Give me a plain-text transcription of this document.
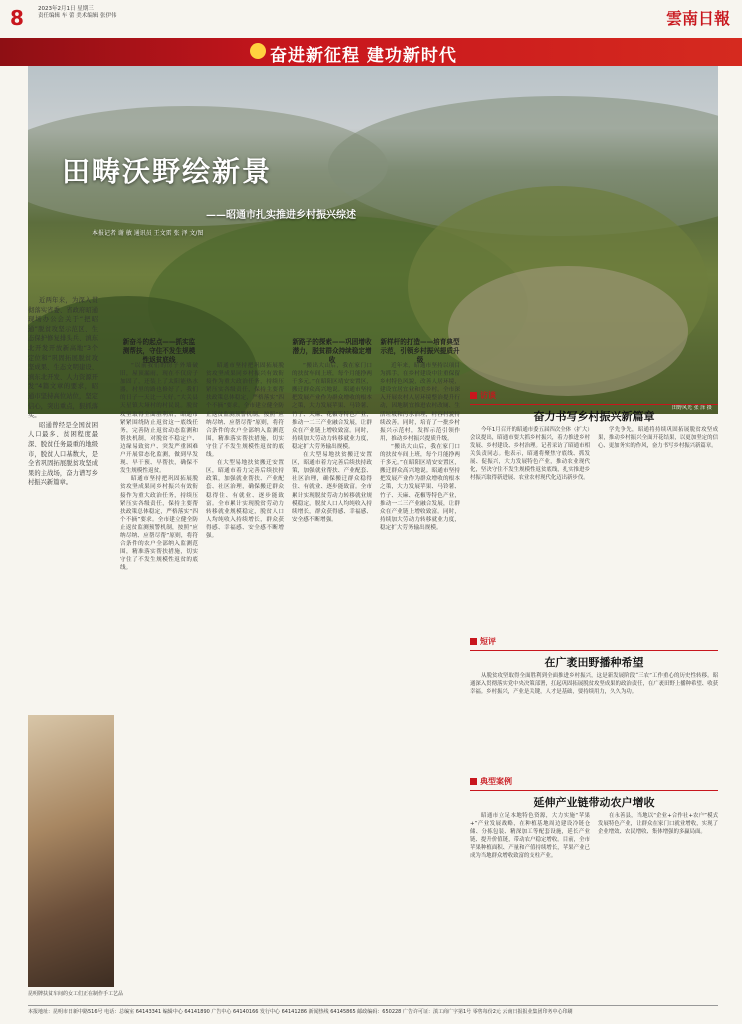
8	2023年2月1日 星期三
责任编辑 车 蕾 美术编辑 张伊伟	雲南日報
奋进新征程 建功新时代
田畴沃野绘新景
——昭通市扎实推进乡村振兴综述
本报记者 谢 敏 通讯员 王文雷 张 泽 文/图
田野风光 张 泽 摄

近两年来，为深入贯彻落实省委、省政府昭通现场办公会关于“把昭通”脱贫攻坚示范区、生态保护修复排头兵、滇东北开发开放新高地“3个定位和“巩固拓展脱贫攻坚成果、生态文明建设、滇东北开发、人力资源开发”4篇文章的要求，昭通市坚持高位站位，坚定信心，突出重点，狠抓落实。

昭通曾经是全国贫困人口最多、贫困程度最深、脱贫任务最重的地级市，脱贫人口基数大，是全省巩固拓展脱贫攻坚成果的主战场，奋力谱写乡村振兴新篇章。

昆明牌扶贫车间的女工们正在制作手工艺品
新奋斗的起点——抓实监测帮扶，守住不发生规模性返贫底线
新路子的探索——巩固增收潜力，脱贫群众持续稳定增收
新样杆的打造——培育典型示范，引领乡村振兴提质升级

“以前我们的房子外墙破旧，屋顶漏雨，现在不仅房子加固了，还装上了太阳能热水器，村里的路也修好了，我们的日子一天比一天好。”大关县天星镇大垭村的村民说。脱贫攻坚取得全面胜利后，昭通市紧紧围绕防止返贫这一底线任务，完善防止返贫动态监测和帮扶机制，对脱贫不稳定户、边缘易致贫户、突发严重困难户开展常态化监测，做到早发现、早干预、早帮扶，确保不发生规模性返贫。

昭通市坚持把巩固拓展脱贫攻坚成果同乡村振兴有效衔接作为重大政治任务，持续压紧压实各级责任，保持主要帮扶政策总体稳定，严格落实“四个不摘”要求。全市建立健全防止返贫监测预警机制，按照“应纳尽纳、应帮尽帮”原则，将符合条件的农户全部纳入监测范围，精准落实帮扶措施，切实守住了不发生规模性返贫的底线。

昭通市坚持把巩固拓展脱贫攻坚成果同乡村振兴有效衔接作为重大政治任务，持续压紧压实各级责任，保持主要帮扶政策总体稳定，严格落实“四个不摘”要求。全市建立健全防止返贫监测预警机制，按照“应纳尽纳、应帮尽帮”原则，将符合条件的农户全部纳入监测范围，精准落实帮扶措施，切实守住了不发生规模性返贫的底线。

在大型易地扶贫搬迁安置区，昭通市着力完善后续扶持政策，加强就业帮扶、产业配套、社区治理，确保搬迁群众稳得住、有就业、逐步能致富。全市累计实现脱贫劳动力转移就业规模稳定，脱贫人口人均纯收入持续增长，群众获得感、幸福感、安全感不断增强。

“搬出大山后，我在家门口的扶贫车间上班，每个月能挣两千多元。”在昭阳区靖安安置区，搬迁群众高兴地说。昭通市坚持把发展产业作为群众增收的根本之策，大力发展苹果、马铃薯、竹子、天麻、花椒等特色产业，推动一二三产业融合发展，让群众在产业链上增收致富。同时，持续加大劳动力转移就业力度，稳定扩大劳务输出规模。

在大型易地扶贫搬迁安置区，昭通市着力完善后续扶持政策，加强就业帮扶、产业配套、社区治理，确保搬迁群众稳得住、有就业、逐步能致富。全市累计实现脱贫劳动力转移就业规模稳定，脱贫人口人均纯收入持续增长，群众获得感、幸福感、安全感不断增强。

近年来，昭通市坚持以项目为抓手，在乡村建设中注重保留乡村特色风貌，改善人居环境，建设宜居宜业和美乡村。全市深入开展农村人居环境整治提升行动，因地制宜推进农村改厕、生活垃圾和污水治理，村容村貌持续改善。同时，培育了一批乡村振兴示范村，发挥示范引领作用，推动乡村振兴提质升级。

“搬出大山后，我在家门口的扶贫车间上班，每个月能挣两千多元。”在昭阳区靖安安置区，搬迁群众高兴地说。昭通市坚持把发展产业作为群众增收的根本之策，大力发展苹果、马铃薯、竹子、天麻、花椒等特色产业，推动一二三产业融合发展，让群众在产业链上增收致富。同时，持续加大劳动力转移就业力度，稳定扩大劳务输出规模。

访谈
奋力书写乡村振兴新篇章

今年1月召开的昭通市委五届四次全体（扩大）会议提出，昭通市要大抓乡村振兴，着力推进乡村发展、乡村建设、乡村治理。记者采访了昭通市相关负责同志。他表示，昭通将聚焦守底线、抓发展、促振兴，大力发展特色产业，推动农业现代化，坚决守住不发生规模性返贫底线，扎实推进乡村振兴取得新进展、农业农村现代化迈出新步伐。

学先争先，昭通将持续巩固拓展脱贫攻坚成果，推动乡村振兴全面开花结果，以更加坚定的信心、更加务实的作风，奋力书写乡村振兴新篇章。

短评
在广袤田野播种希望

从脱贫攻坚取得全面胜利到全面推进乡村振兴，这是新发展阶段“三农”工作重心的历史性转移。昭通深入贯彻落实党中央决策部署，扛起巩固拓展脱贫攻坚成果的政治责任，在广袤田野上播种希望、收获幸福。乡村振兴，产业是关键，人才是基础，要持续用力，久久为功。

典型案例
延伸产业链带动农户增收

昭通市立足本地特色资源，大力实施“苹果+”产业发展战略，在种植基地周边建设冷链仓储、分拣包装、精深加工等配套设施，延长产业链、提升价值链，带动农户稳定增收。目前，全市苹果种植面积、产量和产值持续增长，苹果产业已成为当地群众增收致富的支柱产业。

在永善县，当地以“企业+合作社+农户”模式发展特色产业，让群众在家门口就业增收，实现了企业增效、农民增收、集体增强的多赢局面。

本报地址：昆明市日新中路516号 电话：总编室 64143341 编辑中心 64141890 广告中心 64140166 发行中心 64141286 新闻热线 64145865 邮政编码：650228 广告许可证：滇工商广字第1号 零售每份2元 云南日报报业集团印务中心印刷
